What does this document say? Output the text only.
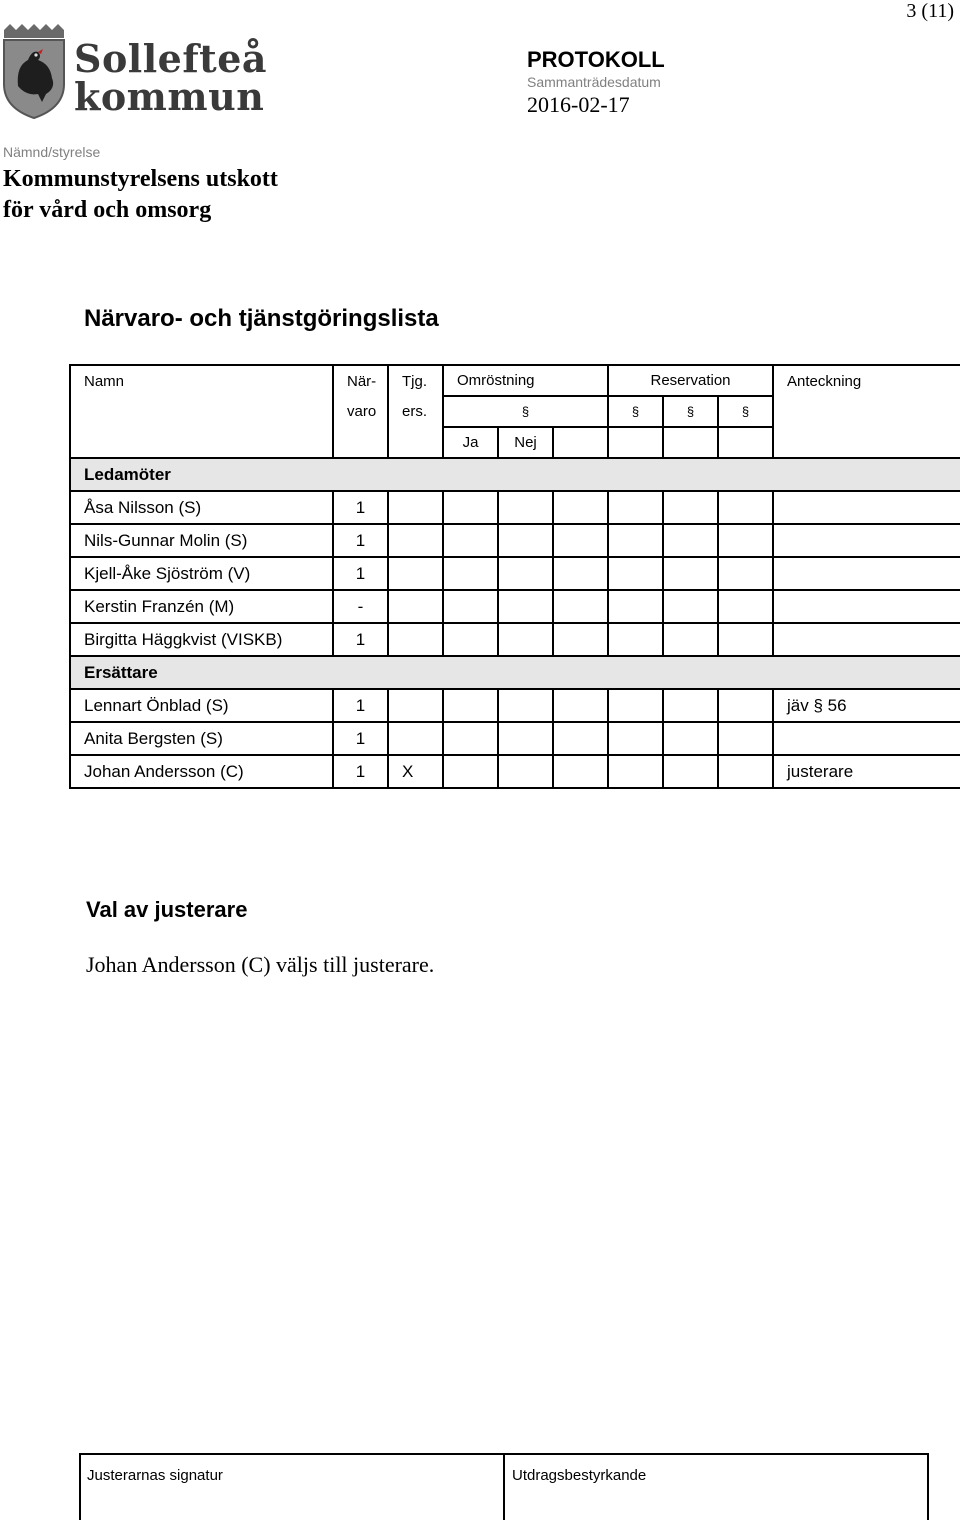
3 (11)
Sollefteå
kommun
PROTOKOLL
Sammanträdesdatum
2016-02-17
Nämnd/styrelse
Kommunstyrelsens utskott
för vård och omsorg
Närvaro- och tjänstgöringslista
Namn	När-	Tjg.	Omröstning			Reservation			Anteckning
	varo	ers.	§			§	§	§	
			Ja	Nej					
Ledamöter									
Åsa Nilsson (S)	1								
Nils-Gunnar Molin (S)	1								
Kjell-Åke Sjöström (V)	1								
Kerstin Franzén (M)	-								
Birgitta Häggkvist (VISKB)	1								
Ersättare									
Lennart Önblad (S)	1								jäv § 56
Anita Bergsten (S)	1								
Johan Andersson (C)	1	X							justerare
Val av justerare
Johan Andersson (C) väljs till justerare.
Justerarnas signatur	Utdragsbestyrkande
